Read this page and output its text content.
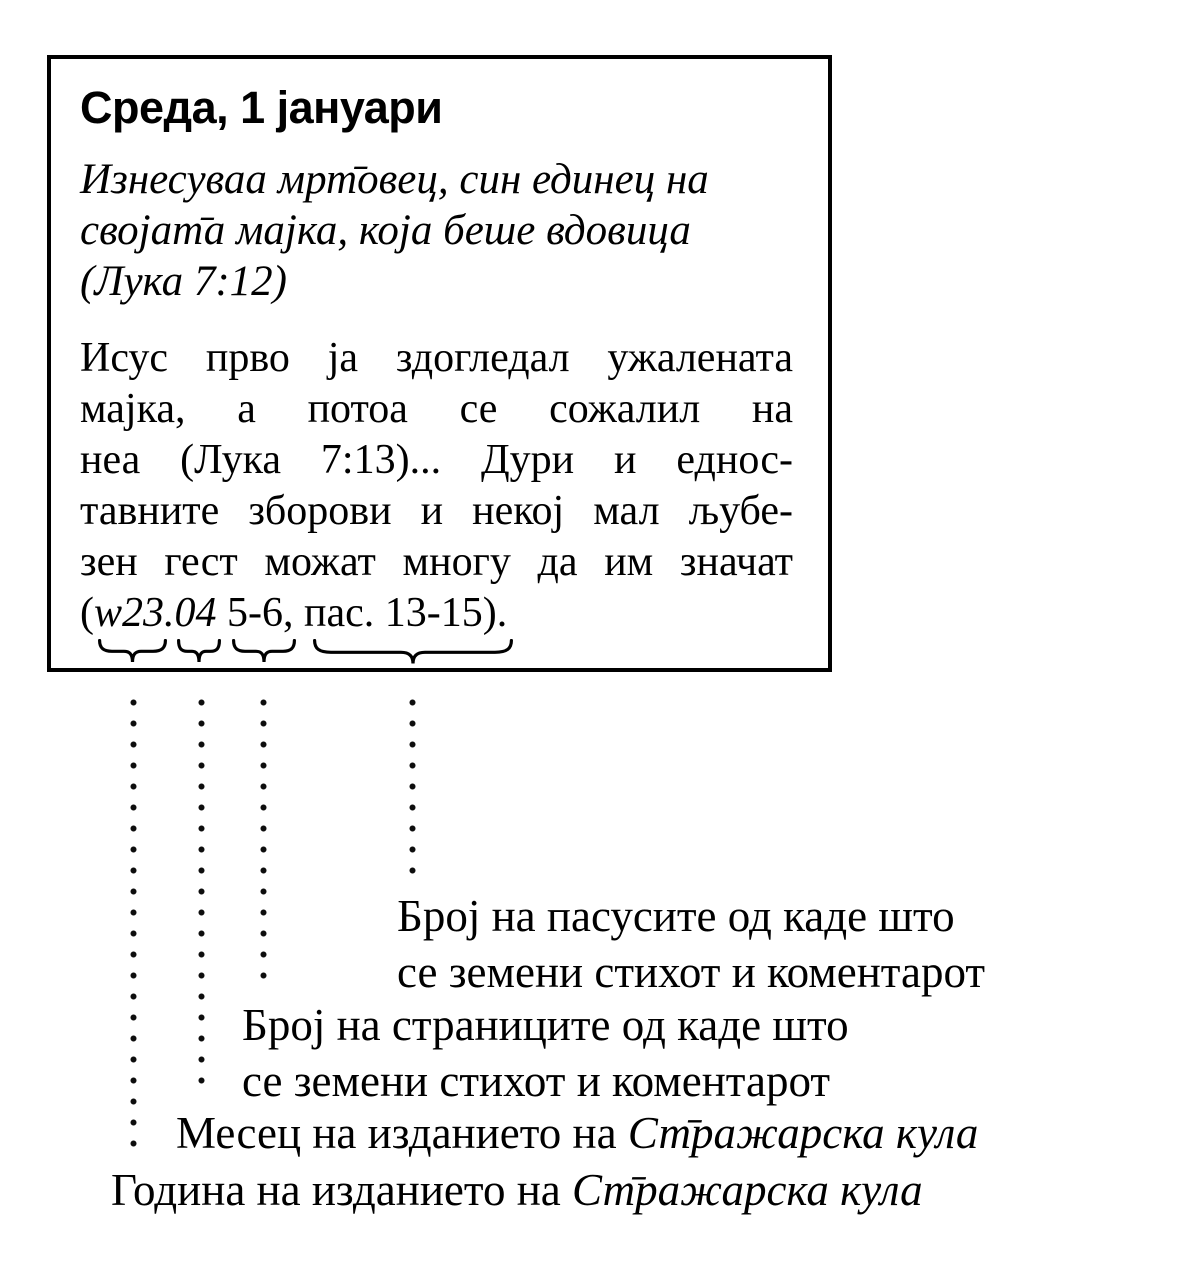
Среда, 1 јануари
Изнесуваа мрт̄овец, син единец на
својат̄а мајка, која беше вдовица
(Лука 7:12)
Исус прво ја здогледал ужалената
мајка, а потоа се сожалил на
неа (Лука 7:13)... Дури и еднос-
тавните зборови и некој мал љубе-
зен гест можат многу да им значат
(w23.04 5-6, пас. 13-15).
Број на пасусите од каде што
се земени стихот и коментарот
Број на страниците од каде што
се земени стихот и коментарот
Месец на изданието на Ст̄ражарска кула
Година на изданието на Ст̄ражарска кула
